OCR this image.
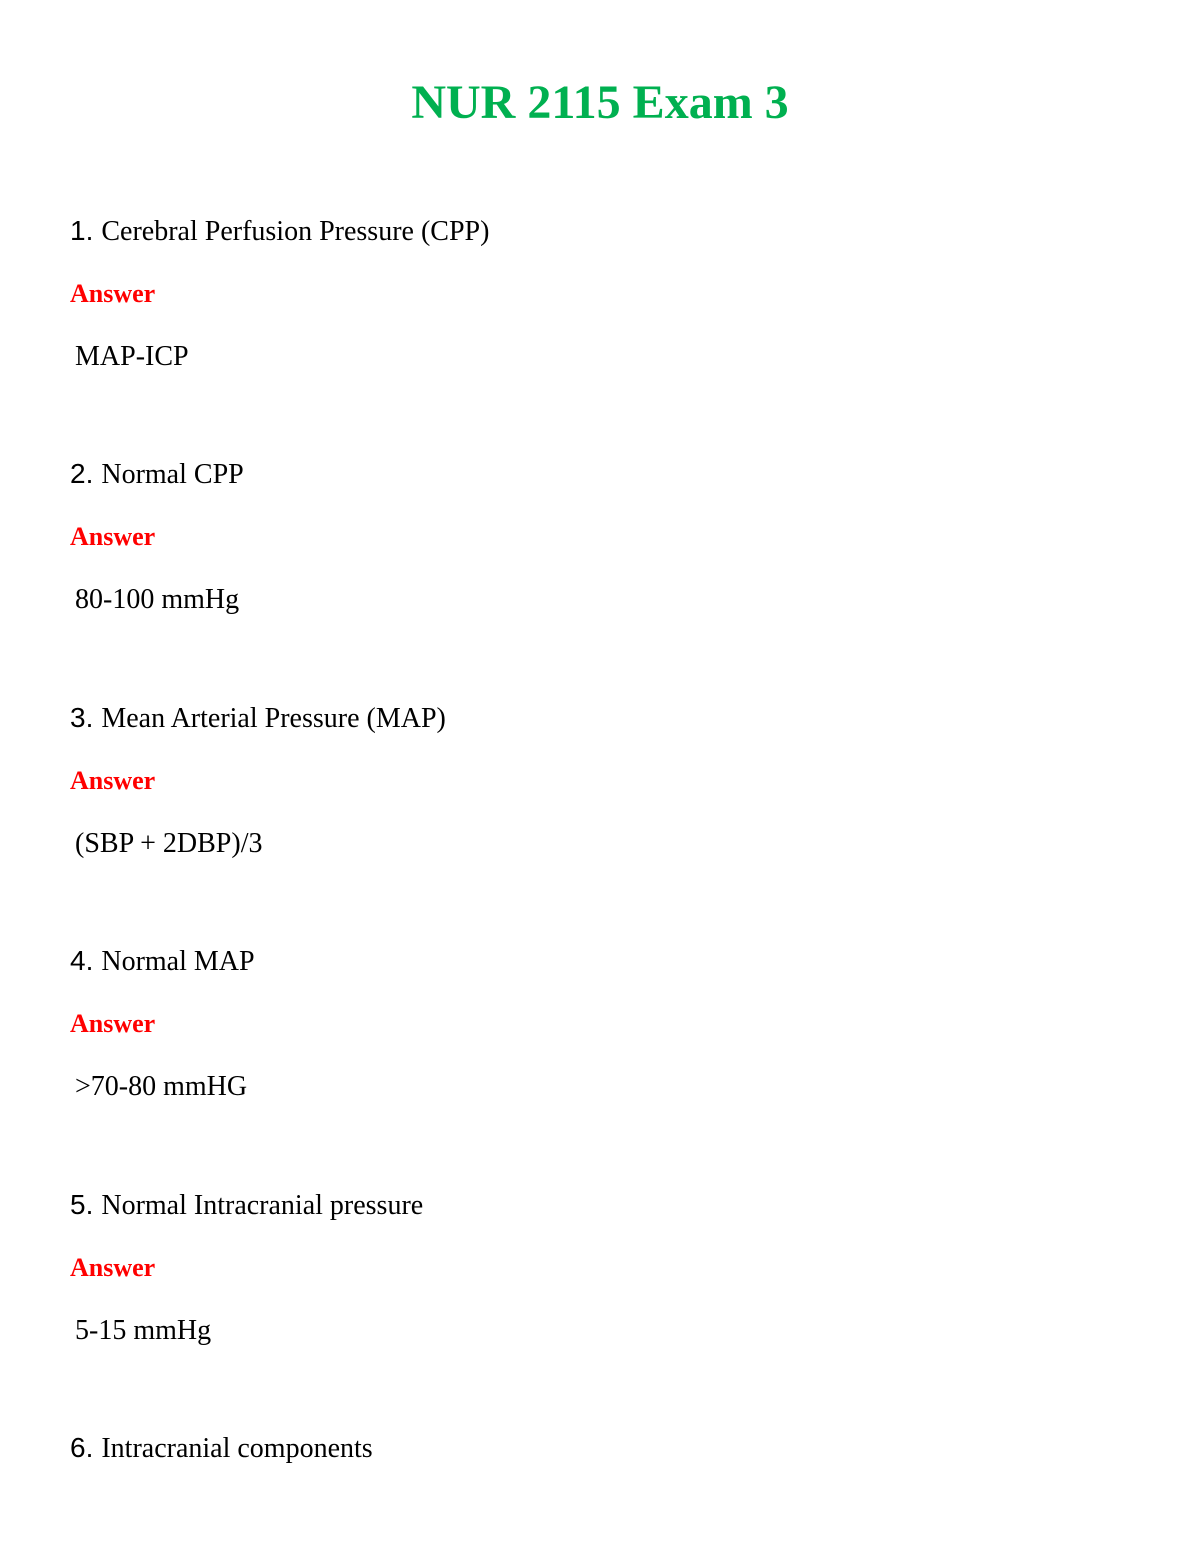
NUR 2115 Exam 3
1. Cerebral Perfusion Pressure (CPP)
Answer
MAP-ICP
2. Normal CPP
Answer
80-100 mmHg
3. Mean Arterial Pressure (MAP)
Answer
(SBP + 2DBP)/3
4. Normal MAP
Answer
>70-80 mmHG
5. Normal Intracranial pressure
Answer
5-15 mmHg
6. Intracranial components
